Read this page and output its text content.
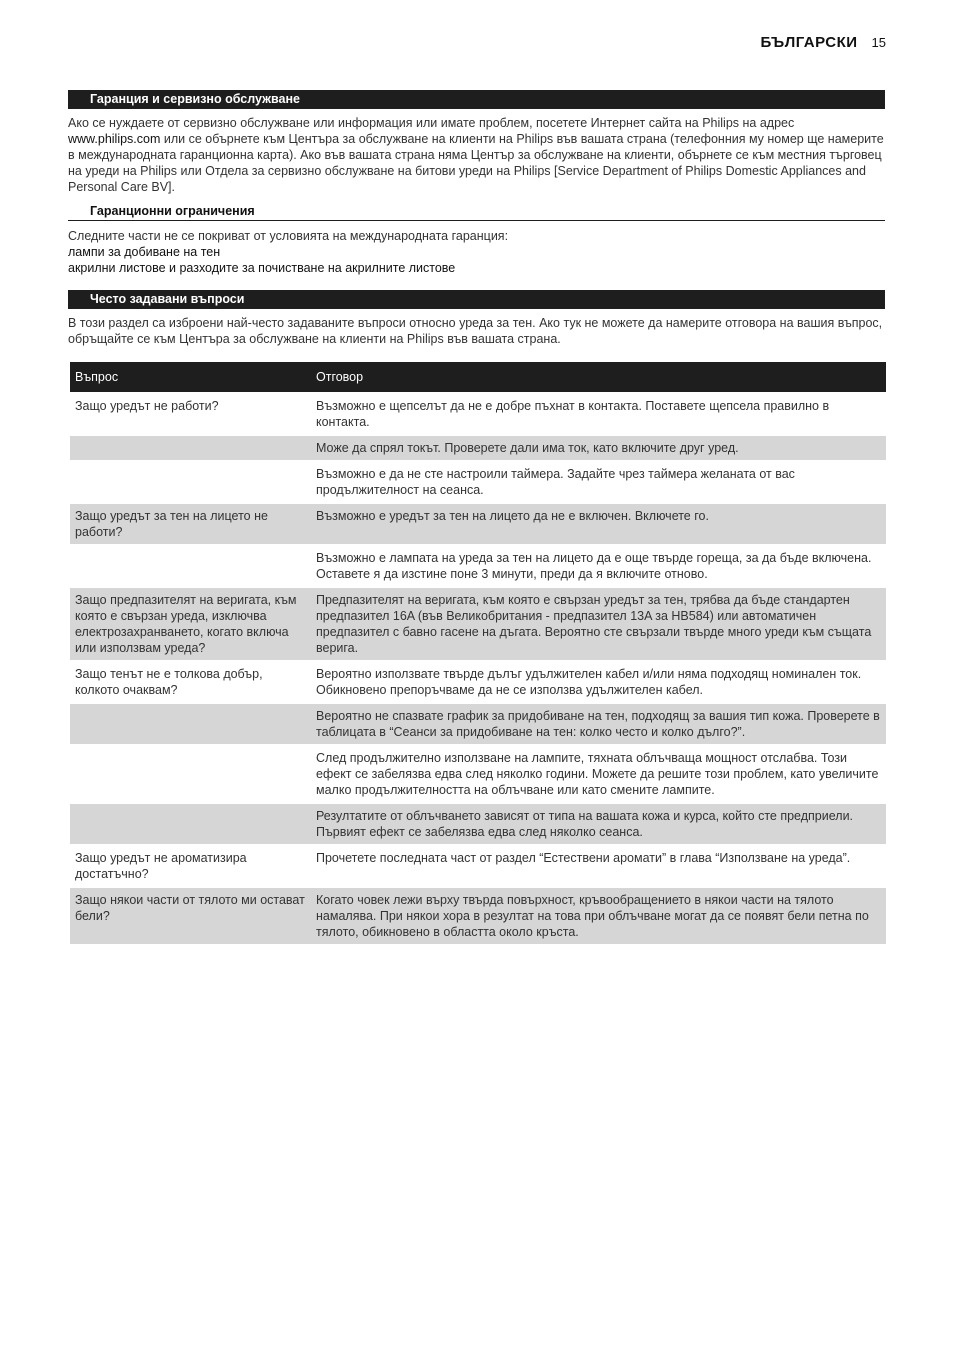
БЪЛГАРСКИ 15
Гаранция и сервизно обслужване
Ако се нуждаете от сервизно обслужване или информация или имате проблем, посетете Интернет сайта на Philips на адрес www.philips.com или се обърнете към Центъра за обслужване на клиенти на Philips във вашата страна (телефонния му номер ще намерите в международната гаранционна карта). Ако във вашата страна няма Център за обслужване на клиенти, обърнете се към местния търговец на уреди на Philips или Отдела за сервизно обслужване на битови уреди на Philips [Service Department of Philips Domestic Appliances and Personal Care BV].
Гаранционни ограничения
Следните части не се покриват от условията на международната гаранция:
лампи за добиване на тен
акрилни листове и разходите за почистване на акрилните листове
Често задавани въпроси
В този раздел са изброени най-често задаваните въпроси относно уреда за тен. Ако тук не можете да намерите отговора на вашия въпрос, обръщайте се към Центъра за обслужване на клиенти на Philips във вашата страна.
Въпрос	Отговор
Защо уредът не работи?	Възможно е щепселът да не е добре пъхнат в контакта. Поставете щепсела правилно в контакта.
	Може да спрял токът. Проверете дали има ток, като включите друг уред.
	Възможно е да не сте настроили таймера. Задайте чрез таймера желаната от вас продължителност на сеанса.
Защо уредът за тен на лицето не работи?	Възможно е уредът за тен на лицето да не е включен. Включете го.
	Възможно е лампата на уреда за тен на лицето да е още твърде гореща, за да бъде включена. Оставете я да изстине поне 3 минути, преди да я включите отново.
Защо предпазителят на веригата, към която е свързан уреда, изключва електрозахранването, когато включа или използвам уреда?	Предпазителят на веригата, към която е свързан уредът за тен, трябва да бъде стандартен предпазител 16A (във Великобритания - предпазител 13A за HB584) или автоматичен предпазител с бавно гасене на дъгата. Вероятно сте свързали твърде много уреди към същата верига.
Защо тенът не е толкова добър, колкото очаквам?	Вероятно използвате твърде дълъг удължителен кабел и/или няма подходящ номинален ток. Обикновено препоръчваме да не се използва удължителен кабел.
	Вероятно не спазвате график за придобиване на тен, подходящ за вашия тип кожа. Проверете в таблицата в “Сеанси за придобиване на тен: колко често и колко дълго?”.
	След продължително използване на лампите, тяхната облъчваща мощност отслабва. Този ефект се забелязва едва след няколко години. Можете да решите този проблем, като увеличите малко продължителността на облъчване или като смените лампите.
	Резултатите от облъчването зависят от типа на вашата кожа и курса, който сте предприели. Първият ефект се забелязва едва след няколко сеанса.
Защо уредът не ароматизира достатъчно?	Прочетете последната част от раздел “Естествени аромати” в глава “Използване на уреда”.
Защо някои части от тялото ми остават бели?	Когато човек лежи върху твърда повърхност, кръвообращението в някои части на тялото намалява. При някои хора в резултат на това при облъчване могат да се появят бели петна по тялото, обикновено в областта около кръста.
